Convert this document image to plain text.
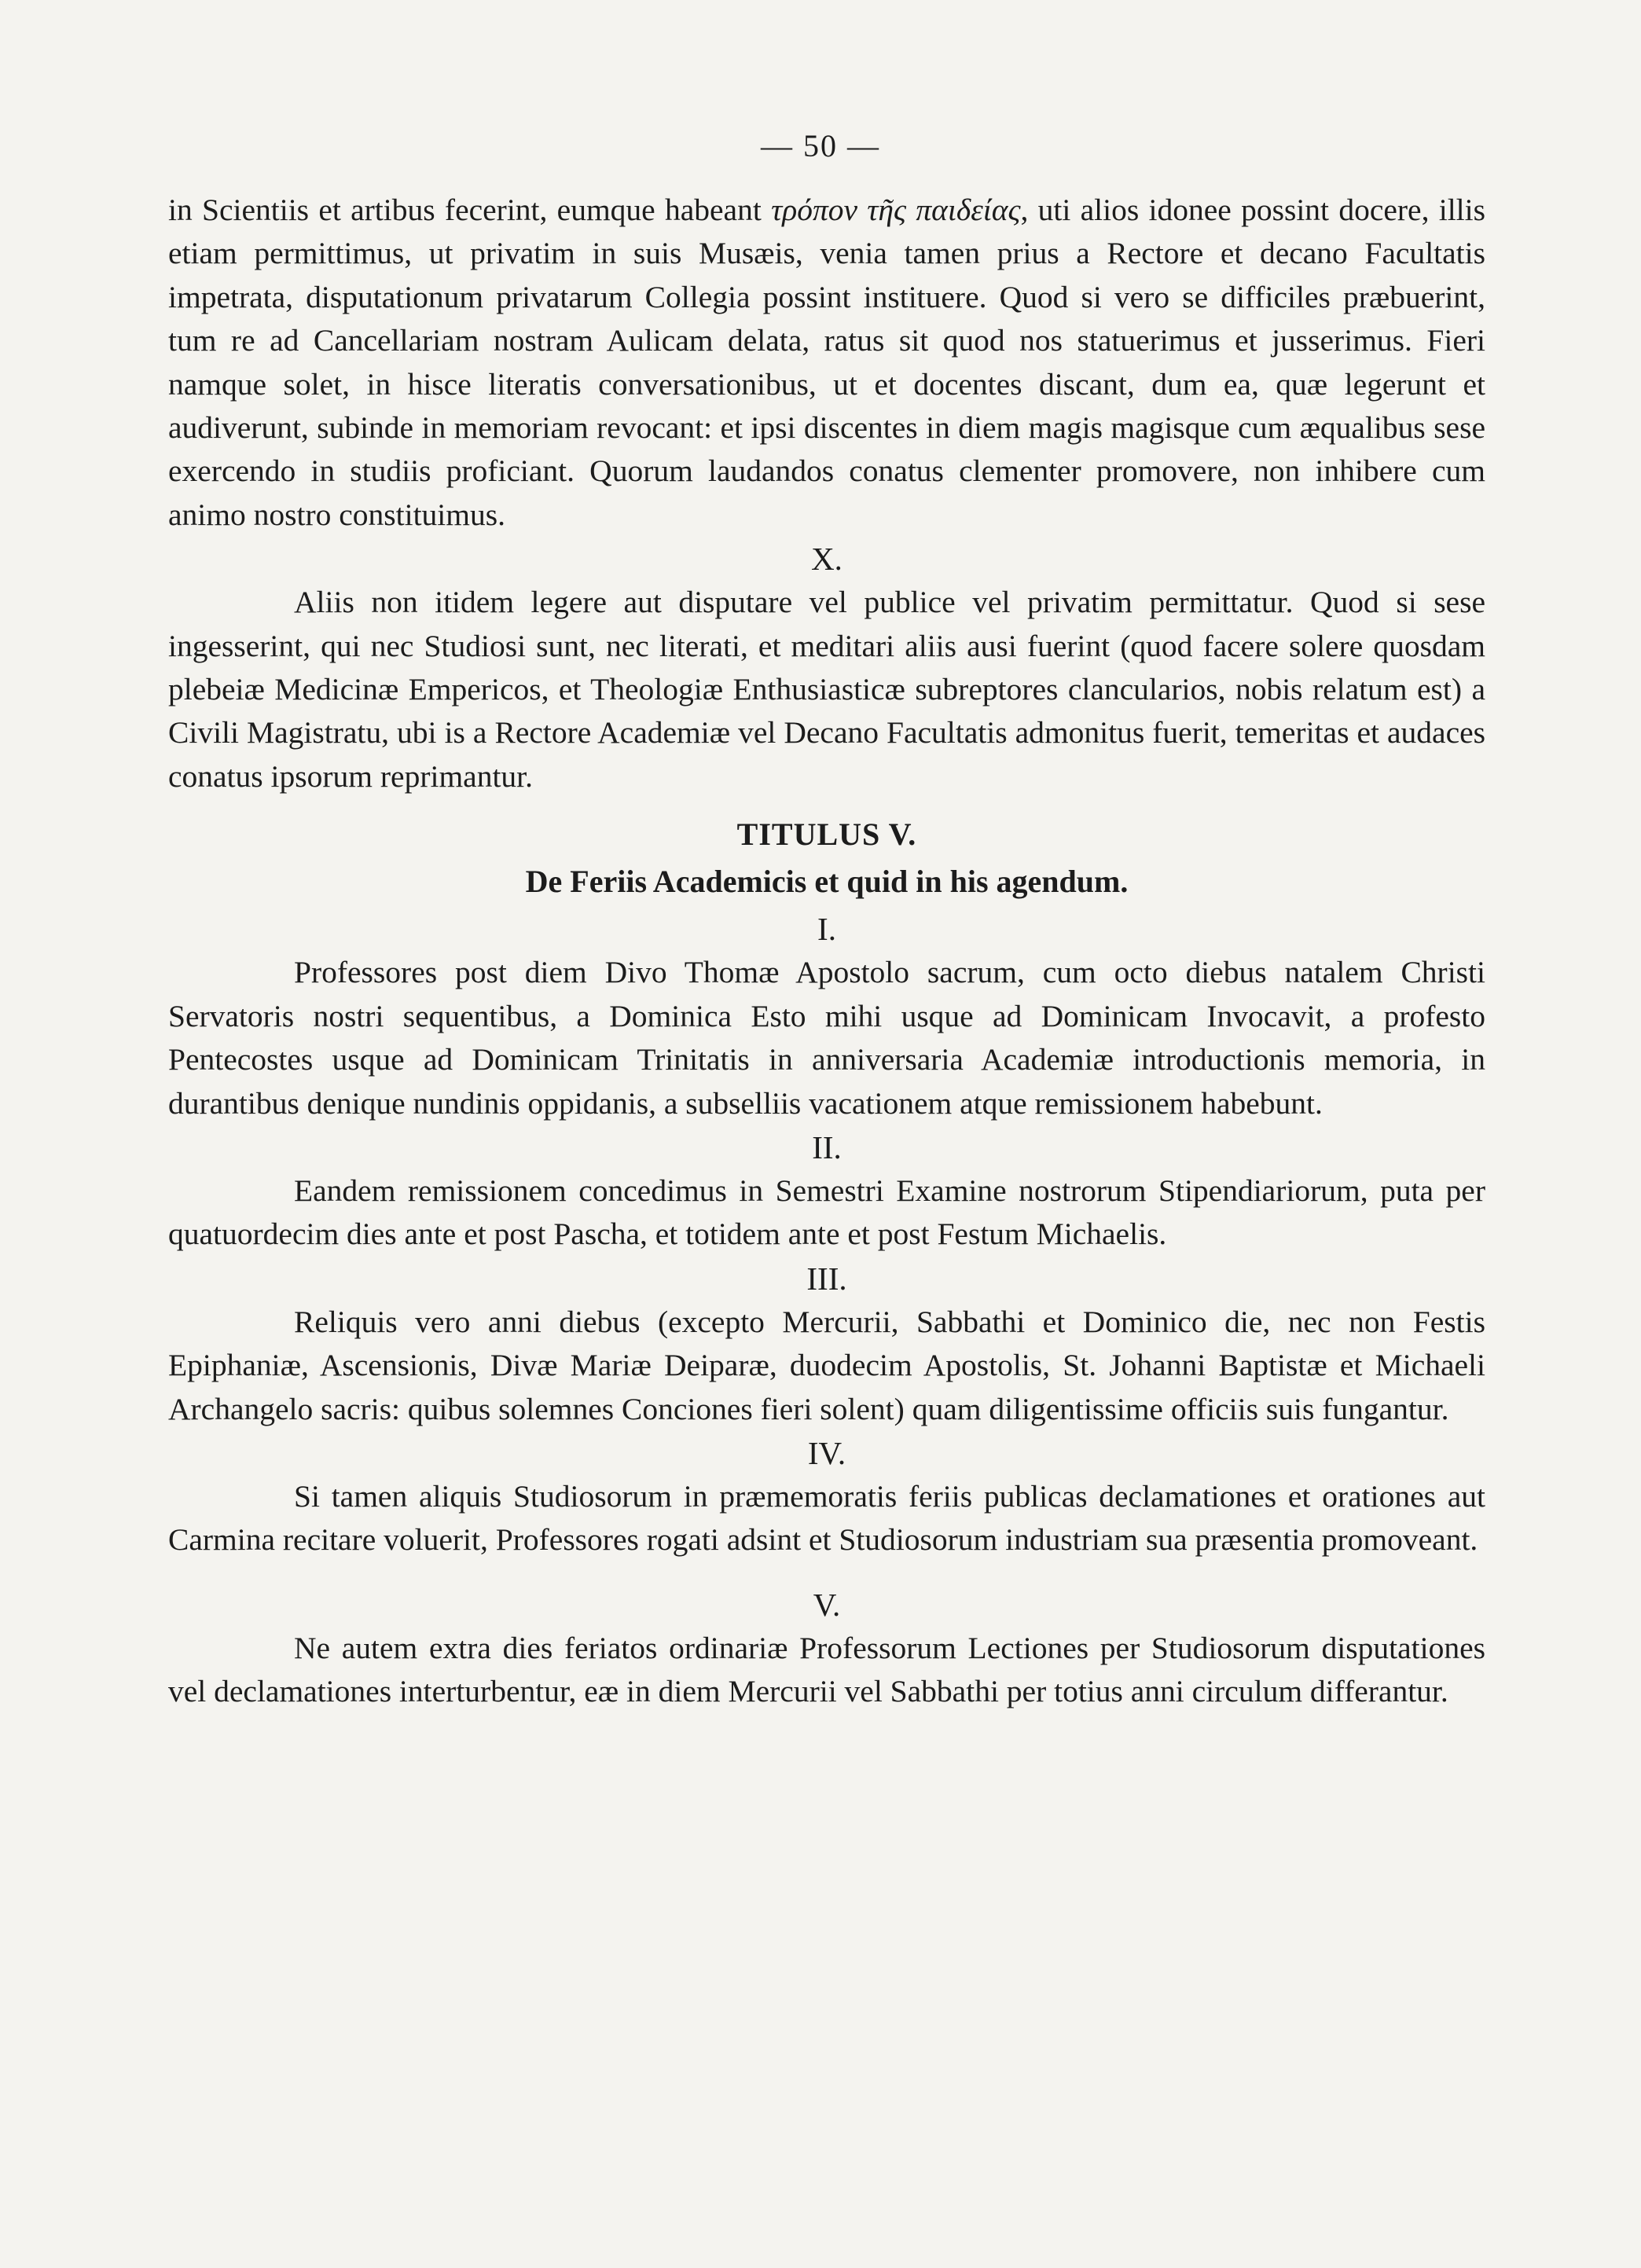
— 50 —

in Scientiis et artibus fecerint, eumque habeant τρόπον τῆς παιδείας, uti alios idonee possint docere, illis etiam permittimus, ut privatim in suis Musæis, venia tamen prius a Rectore et decano Facultatis impetrata, disputationum privatarum Collegia possint instituere. Quod si vero se difficiles præbuerint, tum re ad Cancellariam nostram Aulicam delata, ratus sit quod nos statuerimus et jusserimus. Fieri namque solet, in hisce literatis conversationibus, ut et docentes discant, dum ea, quæ legerunt et audiverunt, subinde in memoriam revocant: et ipsi discentes in diem magis magisque cum æqualibus sese exercendo in studiis proficiant. Quorum laudandos conatus clementer promovere, non inhibere cum animo nostro constituimus.

X.

Aliis non itidem legere aut disputare vel publice vel privatim permittatur. Quod si sese ingesserint, qui nec Studiosi sunt, nec literati, et meditari aliis ausi fuerint (quod facere solere quosdam plebeiæ Medicinæ Empericos, et Theologiæ Enthusiasticæ subreptores clancularios, nobis relatum est) a Civili Magistratu, ubi is a Rectore Academiæ vel Decano Facultatis admonitus fuerit, temeritas et audaces conatus ipsorum reprimantur.

TITULUS V.
De Feriis Academicis et quid in his agendum.
I.

Professores post diem Divo Thomæ Apostolo sacrum, cum octo diebus natalem Christi Servatoris nostri sequentibus, a Dominica Esto mihi usque ad Dominicam Invocavit, a profesto Pentecostes usque ad Dominicam Trinitatis in anniversaria Academiæ introductionis memoria, in durantibus denique nundinis oppidanis, a subselliis vacationem atque remissionem habebunt.

II.

Eandem remissionem concedimus in Semestri Examine nostrorum Stipendiariorum, puta per quatuordecim dies ante et post Pascha, et totidem ante et post Festum Michaelis.

III.

Reliquis vero anni diebus (excepto Mercurii, Sabbathi et Dominico die, nec non Festis Epiphaniæ, Ascensionis, Divæ Mariæ Deiparæ, duodecim Apostolis, St. Johanni Baptistæ et Michaeli Archangelo sacris: quibus solemnes Conciones fieri solent) quam diligentissime officiis suis fungantur.

IV.

Si tamen aliquis Studiosorum in præmemoratis feriis publicas declamationes et orationes aut Carmina recitare voluerit, Professores rogati adsint et Studiosorum industriam sua præsentia promoveant.

V.

Ne autem extra dies feriatos ordinariæ Professorum Lectiones per Studiosorum disputationes vel declamationes interturbentur, eæ in diem Mercurii vel Sabbathi per totius anni circulum differantur.
